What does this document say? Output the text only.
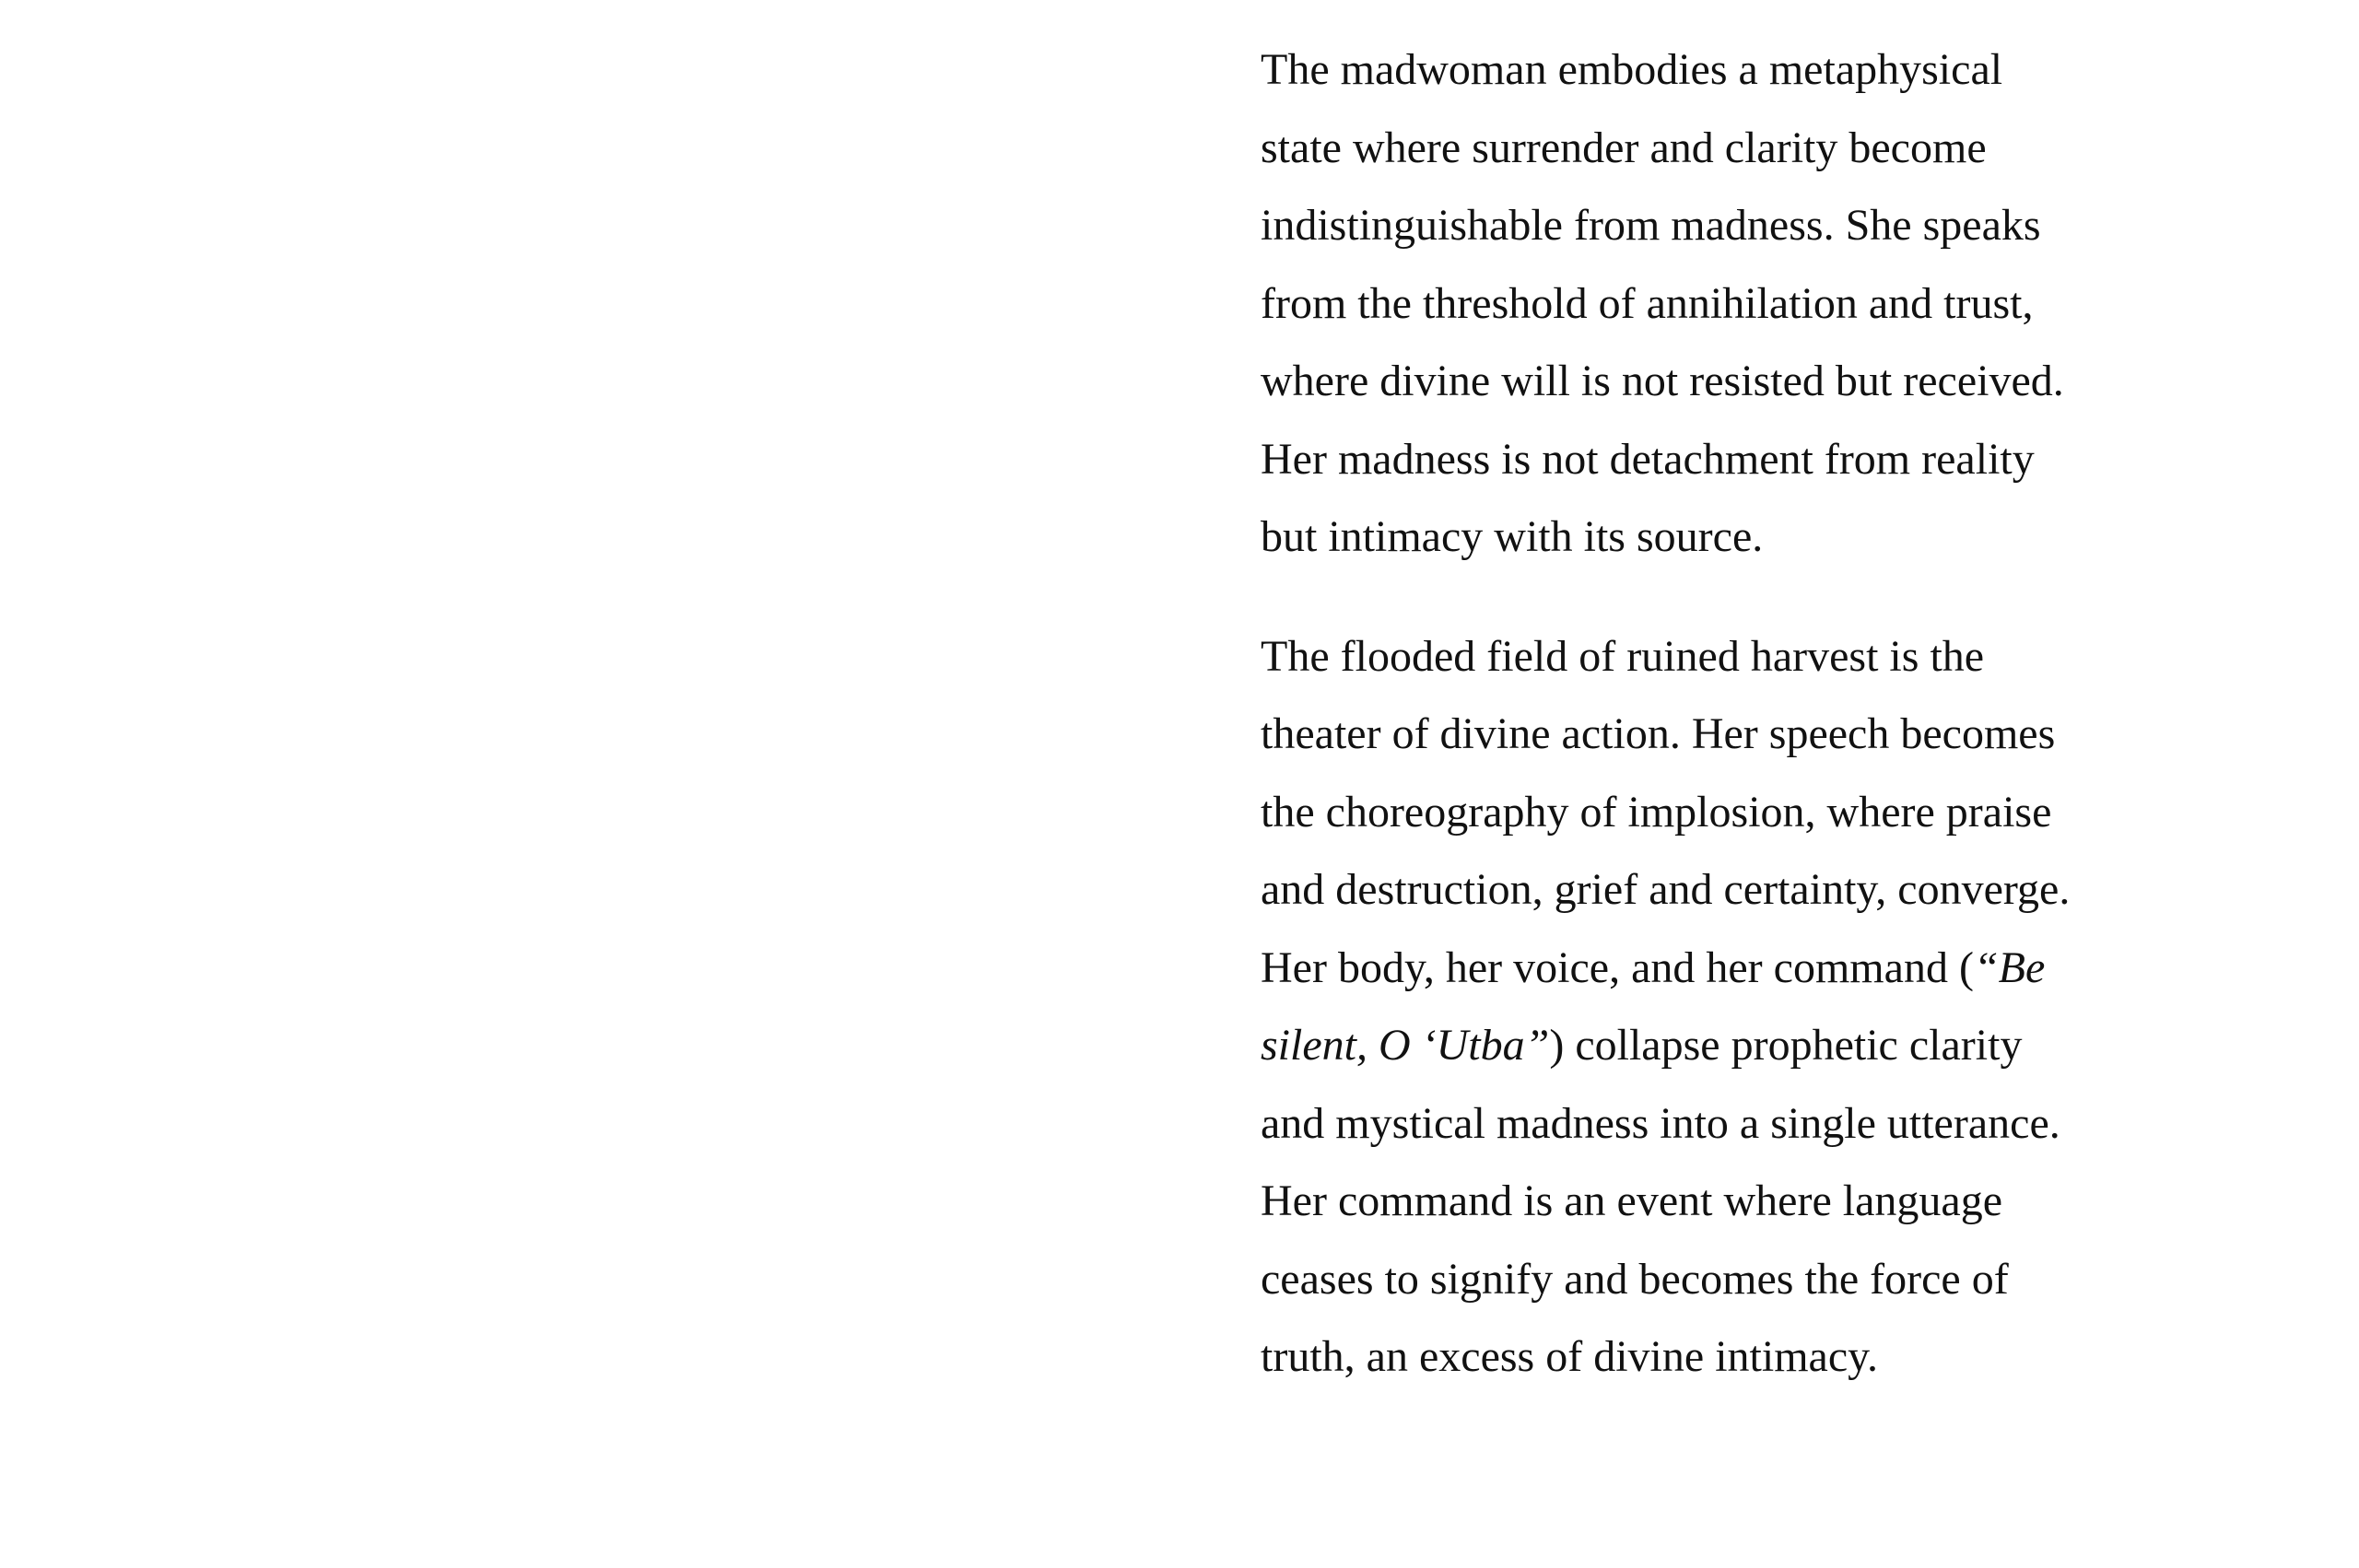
The madwoman embodies a metaphysical
state where surrender and clarity become
indistinguishable from madness. She speaks
from the threshold of annihilation and trust,
where divine will is not resisted but received.
Her madness is not detachment from reality
but intimacy with its source.

The flooded field of ruined harvest is the
theater of divine action. Her speech becomes
the choreography of implosion, where praise
and destruction, grief and certainty, converge.
Her body, her voice, and her command (“Be
silent, O ‘Utba”) collapse prophetic clarity
and mystical madness into a single utterance.
Her command is an event where language
ceases to signify and becomes the force of
truth, an excess of divine intimacy.
